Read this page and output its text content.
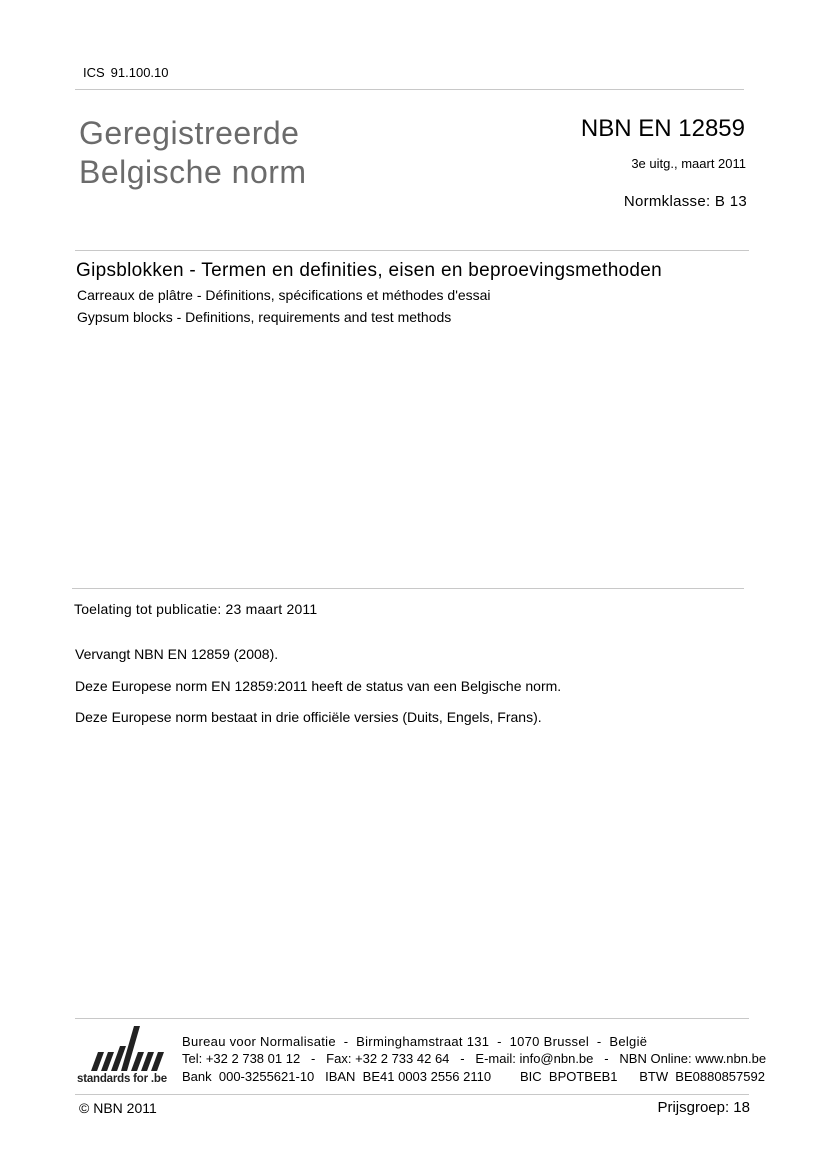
ICS 91.100.10
Geregistreerde
Belgische norm
NBN EN 12859
3e uitg., maart 2011
Normklasse: B 13
Gipsblokken - Termen en definities, eisen en beproevingsmethoden
Carreaux de plâtre - Définitions, spécifications et méthodes d'essai
Gypsum blocks - Definitions, requirements and test methods
Toelating tot publicatie: 23 maart 2011
Vervangt NBN EN 12859 (2008).
Deze Europese norm EN 12859:2011 heeft de status van een Belgische norm.
Deze Europese norm bestaat in drie officiële versies (Duits, Engels, Frans).
standards for .be
Bureau voor Normalisatie  -  Birminghamstraat 131  -  1070 Brussel  -  België
Tel: +32 2 738 01 12   -   Fax: +32 2 733 42 64   -   E-mail: info@nbn.be   -   NBN Online: www.nbn.be
Bank  000-3255621-10   IBAN  BE41 0003 2556 2110        BIC  BPOTBEB1      BTW  BE0880857592
© NBN 2011	Prijsgroep: 18
